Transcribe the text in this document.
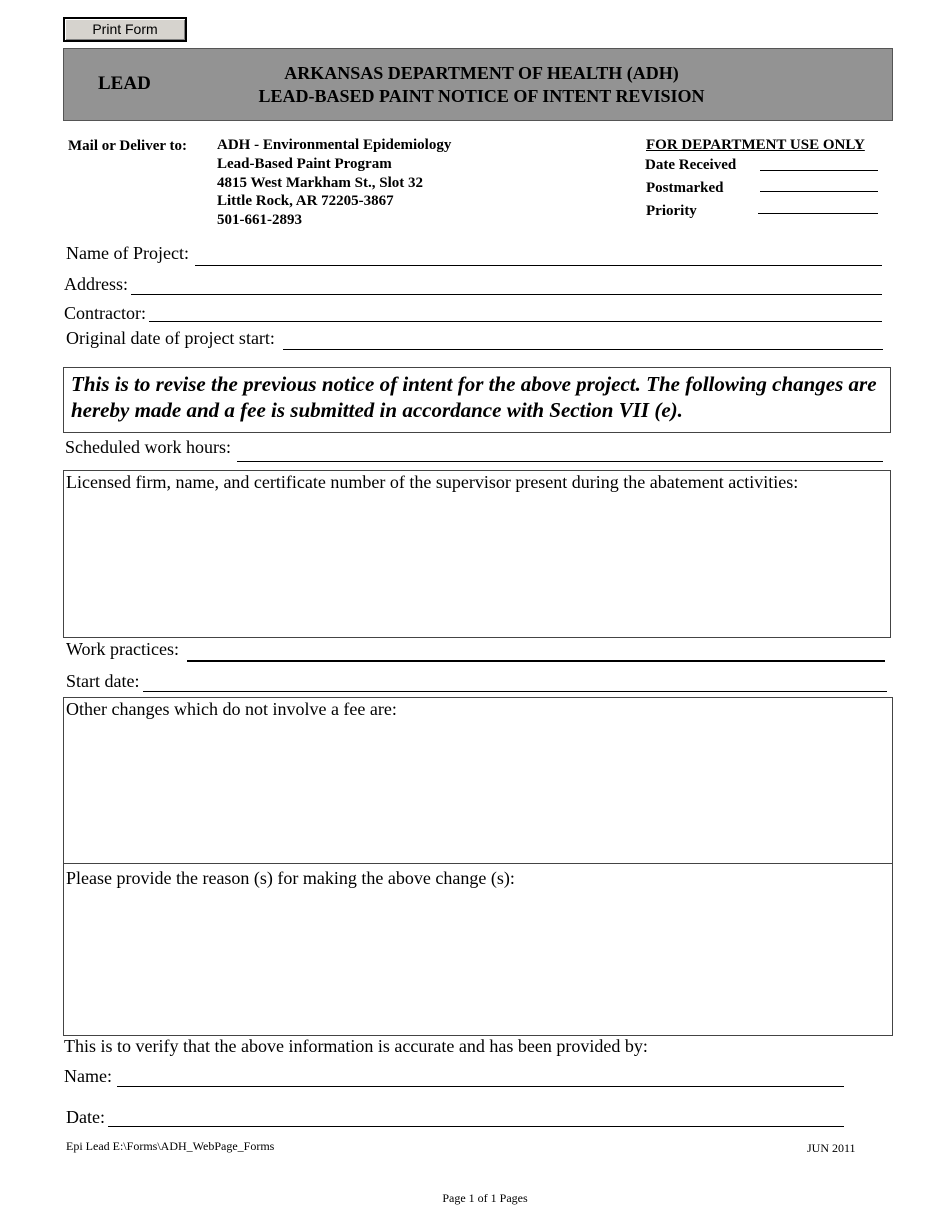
Print Form
LEAD	ARKANSAS DEPARTMENT OF HEALTH (ADH)
LEAD-BASED PAINT NOTICE OF INTENT REVISION
Mail or Deliver to: ADH - Environmental Epidemiology
Lead-Based Paint Program
4815 West Markham St., Slot 32
Little Rock, AR 72205-3867
501-661-2893
FOR DEPARTMENT USE ONLY
Date Received
Postmarked
Priority
Name of Project:
Address:
Contractor:
Original date of project start:
This is to revise the previous notice of intent for the above project. The following changes are hereby made and a fee is submitted in accordance with Section VII (e).
Scheduled work hours:
Licensed firm, name, and certificate number of the supervisor present during the abatement activities:
Work practices:
Start date:
Other changes which do not involve a fee are:
Please provide the reason (s) for making the above change (s):
This is to verify that the above information is accurate and has been provided by:
Name:
Date:
Epi Lead E:\Forms\ADH_WebPage_Forms	JUN 2011
Page 1 of 1 Pages
